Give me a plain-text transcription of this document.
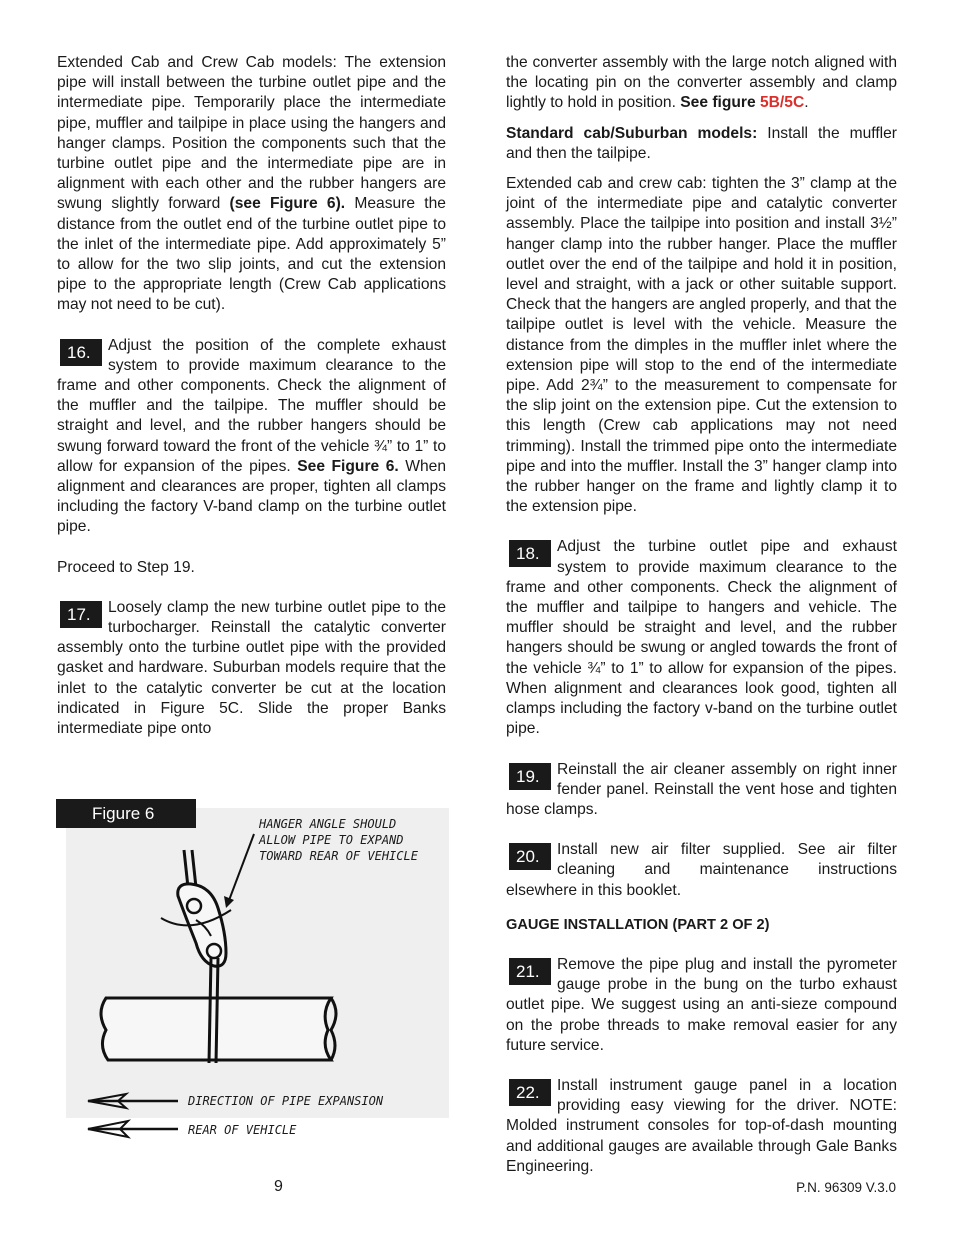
Extended Cab and Crew Cab models: The extension pipe will install between the turbine outlet pipe and the intermediate pipe. Temporarily place the intermediate pipe, muffler and tailpipe in place using the hangers and hanger clamps. Position the components such that the turbine outlet pipe and the intermediate pipe are in alignment with each other and the rubber hangers are swung slightly forward (see Figure 6). Measure the distance from the outlet end of the turbine outlet pipe to the inlet of the intermediate pipe. Add approximately 5” to allow for the two slip joints, and cut the extension pipe to the appropriate length (Crew Cab applications may not need to be cut).

16.	Adjust the position of the complete exhaust system to provide maximum clearance to the frame and other components. Check the alignment of the muffler and the tailpipe. The muffler should be straight and level, and the rubber hangers should be swung forward toward the front of the vehicle ¾” to 1” to allow for expansion of the pipes. See Figure 6. When alignment and clearances are proper, tighten all clamps including the factory V-band clamp on the turbine outlet pipe.

Proceed to Step 19.

17.	Loosely clamp the new turbine outlet pipe to the turbocharger. Reinstall the catalytic converter assembly onto the turbine outlet pipe with the provided gasket and hardware. Suburban models require that the inlet to the catalytic converter be cut at the location indicated in Figure 5C. Slide the proper Banks intermediate pipe onto

the converter assembly with the large notch aligned with the locating pin on the converter assembly and clamp lightly to hold in position. See figure 5B/5C.

Standard cab/Suburban models: Install the muffler and then the tailpipe.

Extended cab and crew cab: tighten the 3” clamp at the joint of the intermediate pipe and catalytic converter assembly. Place the tailpipe into position and install 3½” hanger clamp into the rubber hanger. Place the muffler outlet over the end of the tailpipe and hold it in position, level and straight, with a jack or other suitable support. Check that the hangers are angled properly, and that the tailpipe outlet is level with the vehicle. Measure the distance from the dimples in the muffler inlet where the extension pipe will stop to the end of the intermediate pipe. Add 2¾” to the measurement to compensate for the slip joint on the extension pipe. Cut the extension to this length (Crew cab applications may not need trimming). Install the trimmed pipe onto the intermediate pipe and into the muffler. Install the 3” hanger clamp into the rubber hanger on the frame and lightly clamp it to the extension pipe.

18.	Adjust the turbine outlet pipe and exhaust system to provide maximum clearance to the frame and other components. Check the alignment of the muffler and tailpipe to hangers and vehicle. The muffler should be straight and level, and the rubber hangers should be swung or angled towards the front of the vehicle ¾” to 1” to allow for expansion of the pipes. When alignment and clearances look good, tighten all clamps including the factory v-band on the turbine outlet pipe.

19.	Reinstall the air cleaner assembly on right inner fender panel. Reinstall the vent hose and tighten hose clamps.

20.	Install new air filter supplied. See air filter cleaning and maintenance instructions elsewhere in this booklet.

GAUGE INSTALLATION (PART 2 OF 2)

21.	Remove the pipe plug and install the pyrometer gauge probe in the bung on the turbo exhaust outlet pipe. We suggest using an anti-sieze compound on the probe threads to make removal easier for any future service.

22.	Install instrument gauge panel in a location providing easy viewing for the driver. NOTE: Molded instrument consoles for top-of-dash mounting and additional gauges are available through Gale Banks Engineering.

HANGER ANGLE SHOULD
ALLOW PIPE TO EXPAND
TOWARD REAR OF VEHICLE
DIRECTION OF PIPE EXPANSION
Figure 6
REAR OF VEHICLE
9	P.N. 96309 V.3.0
